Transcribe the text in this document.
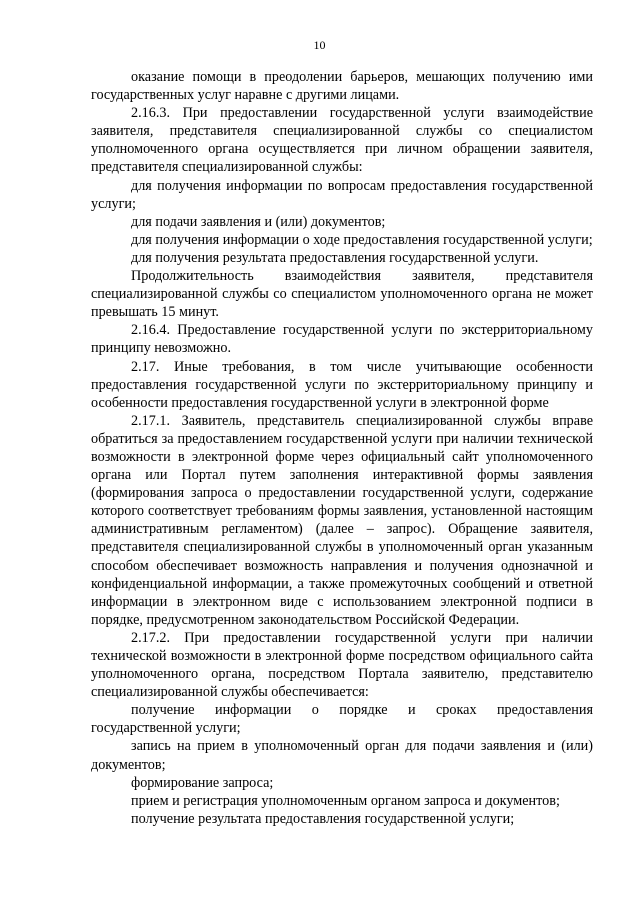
10

оказание помощи в преодолении барьеров, мешающих получению ими государственных услуг наравне с другими лицами.

2.16.3. При предоставлении государственной услуги взаимодействие заявителя, представителя специализированной службы со специалистом уполномоченного органа осуществляется при личном обращении заявителя, представителя специализированной службы:

для получения информации по вопросам предоставления государственной услуги;

для подачи заявления и (или) документов;

для получения информации о ходе предоставления государственной услуги;

для получения результата предоставления государственной услуги.

Продолжительность взаимодействия заявителя, представителя специализированной службы со специалистом уполномоченного органа не может превышать 15 минут.

2.16.4. Предоставление государственной услуги по экстерриториальному принципу невозможно.

2.17. Иные требования, в том числе учитывающие особенности предоставления государственной услуги по экстерриториальному принципу и особенности предоставления государственной услуги в электронной форме

2.17.1. Заявитель, представитель специализированной службы вправе обратиться за предоставлением государственной услуги при наличии технической возможности в электронной форме через официальный сайт уполномоченного органа или Портал путем заполнения интерактивной формы заявления (формирования запроса о предоставлении государственной услуги, содержание которого соответствует требованиям формы заявления, установленной настоящим административным регламентом) (далее – запрос). Обращение заявителя, представителя специализированной службы в уполномоченный орган указанным способом обеспечивает возможность направления и получения однозначной и конфиденциальной информации, а также промежуточных сообщений и ответной информации в электронном виде с использованием электронной подписи в порядке, предусмотренном законодательством Российской Федерации.

2.17.2. При предоставлении государственной услуги при наличии технической возможности в электронной форме посредством официального сайта уполномоченного органа, посредством Портала заявителю, представителю специализированной службы обеспечивается:

получение информации о порядке и сроках предоставления государственной услуги;

запись на прием в уполномоченный орган для подачи заявления и (или) документов;

формирование запроса;

прием и регистрация уполномоченным органом запроса и документов;

получение результата предоставления государственной услуги;
